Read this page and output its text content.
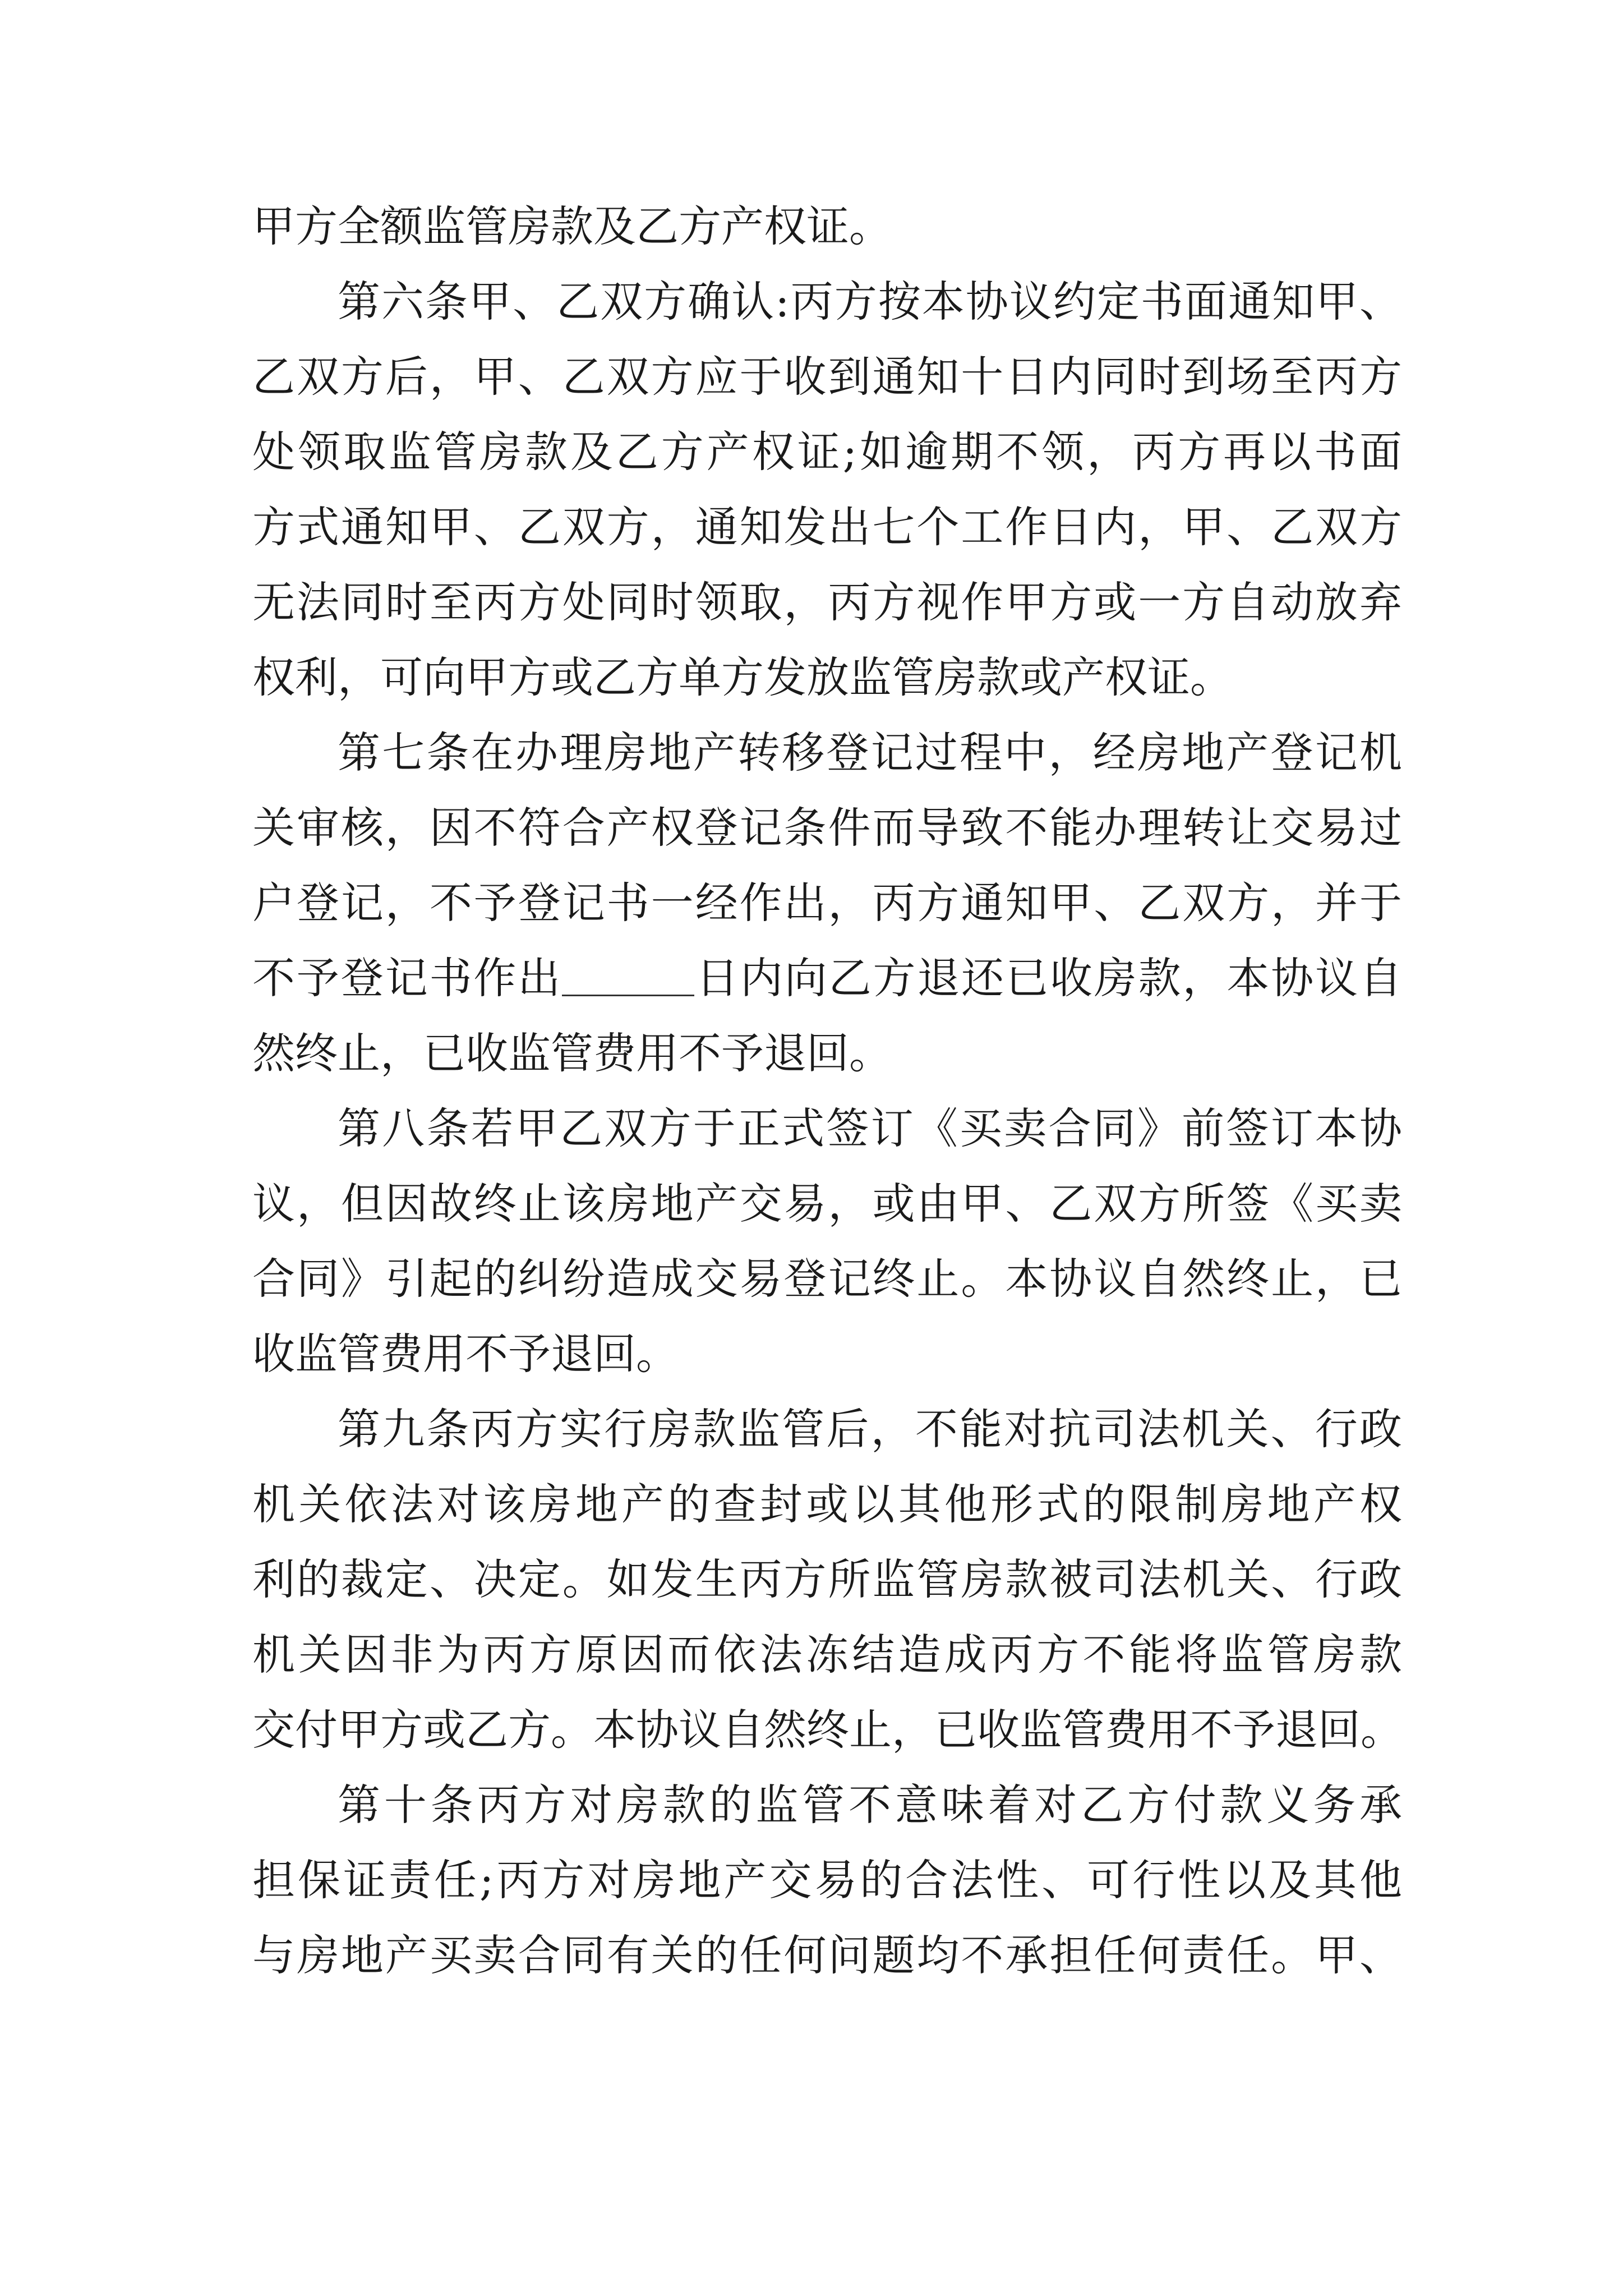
甲方全额监管房款及乙方产权证。
第六条甲、乙双方确认:丙方按本协议约定书面通知甲、
乙双方后，甲、乙双方应于收到通知十日内同时到场至丙方
处领取监管房款及乙方产权证;如逾期不领，丙方再以书面
方式通知甲、乙双方，通知发出七个工作日内，甲、乙双方
无法同时至丙方处同时领取，丙方视作甲方或一方自动放弃
权利，可向甲方或乙方单方发放监管房款或产权证。
第七条在办理房地产转移登记过程中，经房地产登记机
关审核，因不符合产权登记条件而导致不能办理转让交易过
户登记，不予登记书一经作出，丙方通知甲、乙双方，并于
不予登记书作出	日内向乙方退还已收房款，本协议自
然终止，已收监管费用不予退回。
第八条若甲乙双方于正式签订《买卖合同》前签订本协
议，但因故终止该房地产交易，或由甲、乙双方所签《买卖
合同》引起的纠纷造成交易登记终止。本协议自然终止，已
收监管费用不予退回。
第九条丙方实行房款监管后，不能对抗司法机关、行政
机关依法对该房地产的查封或以其他形式的限制房地产权
利的裁定、决定。如发生丙方所监管房款被司法机关、行政
机关因非为丙方原因而依法冻结造成丙方不能将监管房款
交付甲方或乙方。本协议自然终止，已收监管费用不予退回。
第十条丙方对房款的监管不意味着对乙方付款义务承
担保证责任;丙方对房地产交易的合法性、可行性以及其他
与房地产买卖合同有关的任何问题均不承担任何责任。甲、
